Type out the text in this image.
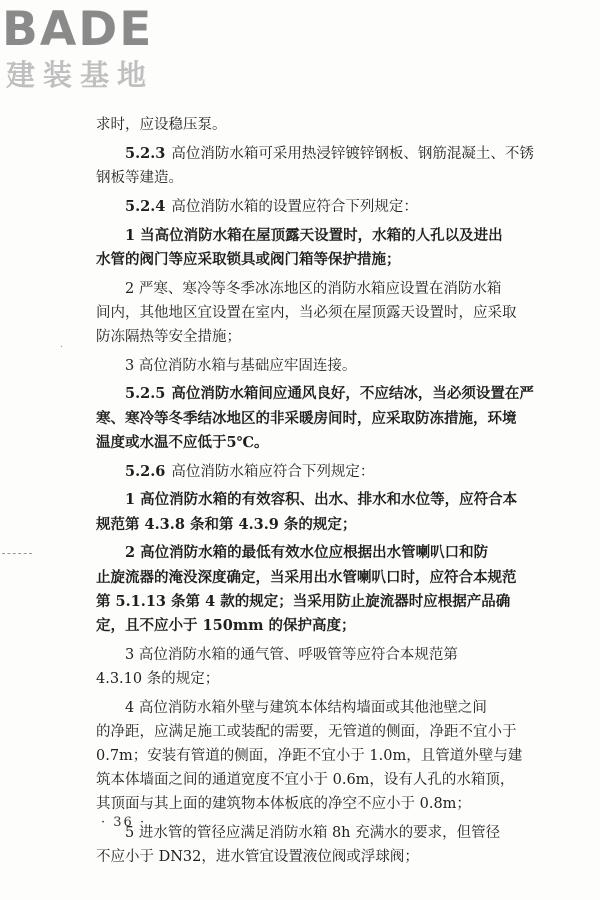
BADE
建装基地
·
求时，应设稳压泵。
5.2.3 高位消防水箱可采用热浸锌镀锌钢板、钢筋混凝土、不锈
钢板等建造。
5.2.4 高位消防水箱的设置应符合下列规定：
1 当高位消防水箱在屋顶露天设置时，水箱的人孔以及进出
水管的阀门等应采取锁具或阀门箱等保护措施；
2 严寒、寒冷等冬季冰冻地区的消防水箱应设置在消防水箱
间内，其他地区宜设置在室内，当必须在屋顶露天设置时，应采取
防冻隔热等安全措施；
3 高位消防水箱与基础应牢固连接。
5.2.5 高位消防水箱间应通风良好，不应结冰，当必须设置在严
寒、寒冷等冬季结冰地区的非采暖房间时，应采取防冻措施，环境
温度或水温不应低于5℃。
5.2.6 高位消防水箱应符合下列规定：
1 高位消防水箱的有效容积、出水、排水和水位等，应符合本
规范第 4.3.8 条和第 4.3.9 条的规定；
2 高位消防水箱的最低有效水位应根据出水管喇叭口和防
止旋流器的淹没深度确定，当采用出水管喇叭口时，应符合本规范
第 5.1.13 条第 4 款的规定；当采用防止旋流器时应根据产品确
定，且不应小于 150mm 的保护高度；
3 高位消防水箱的通气管、呼吸管等应符合本规范第
4.3.10 条的规定；
4 高位消防水箱外壁与建筑本体结构墙面或其他池壁之间
的净距，应满足施工或装配的需要，无管道的侧面，净距不宜小于
0.7m；安装有管道的侧面，净距不宜小于 1.0m，且管道外壁与建
筑本体墙面之间的通道宽度不宜小于 0.6m，设有人孔的水箱顶，
其顶面与其上面的建筑物本体板底的净空不应小于 0.8m；
5 进水管的管径应满足消防水箱 8h 充满水的要求，但管径
不应小于 DN32，进水管宜设置液位阀或浮球阀；
· 36 ·
